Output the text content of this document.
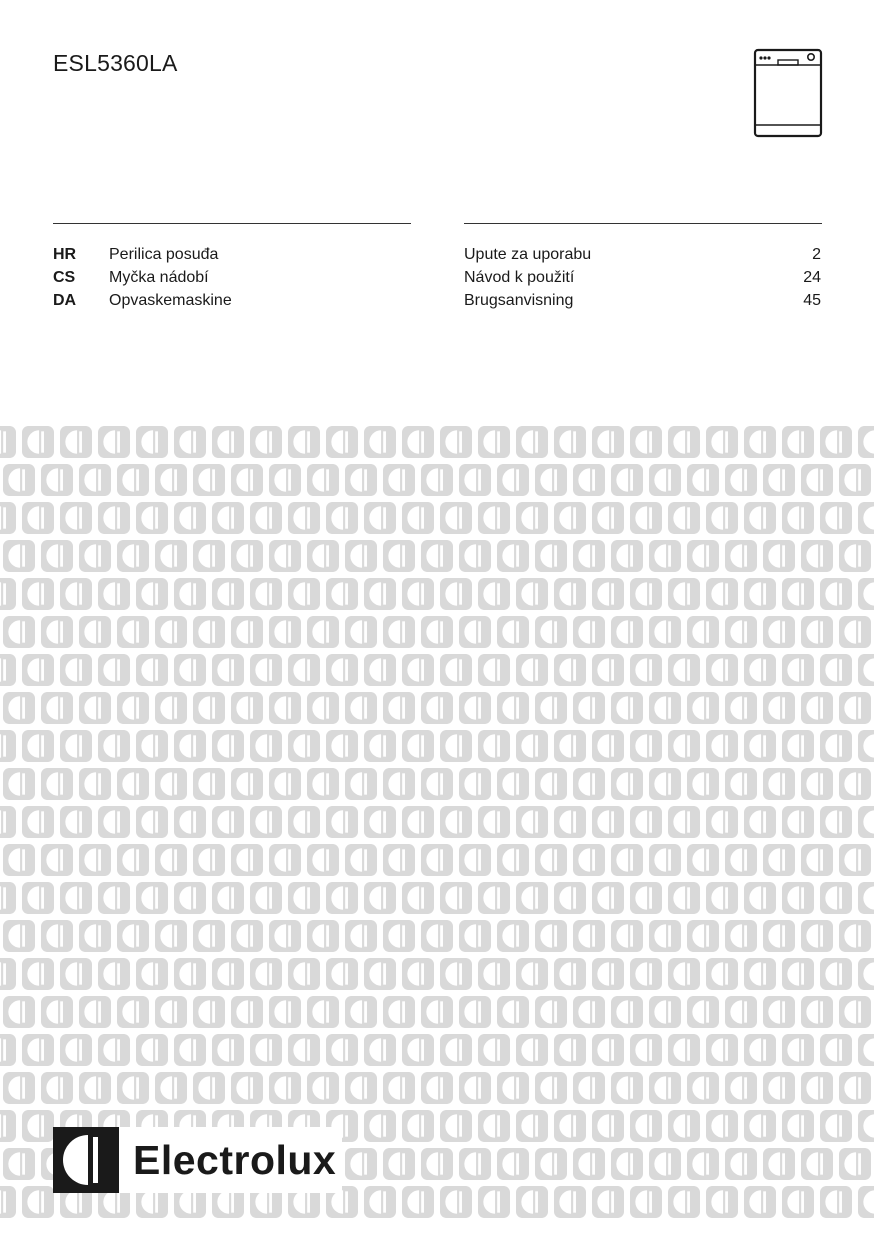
ESL5360LA
HR Perilica posuđa	Upute za uporabu	2
CS Myčka nádobí	Návod k použití	24
DA Opvaskemaskine	Brugsanvisning	45
Electrolux
